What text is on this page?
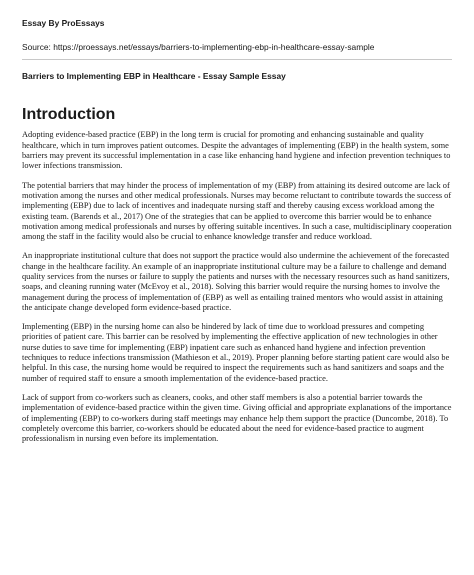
Essay By ProEssays
Source: https://proessays.net/essays/barriers-to-implementing-ebp-in-healthcare-essay-sample
Barriers to Implementing EBP in Healthcare - Essay Sample Essay
Introduction

Adopting evidence-based practice (EBP) in the long term is crucial for promoting and enhancing sustainable and quality healthcare, which in turn improves patient outcomes. Despite the advantages of implementing (EBP) in the health system, some barriers may prevent its successful implementation in a case like enhancing hand hygiene and infection prevention techniques to lower infections transmission.

The potential barriers that may hinder the process of implementation of my (EBP) from attaining its desired outcome are lack of motivation among the nurses and other medical professionals. Nurses may become reluctant to contribute towards the success of implementing (EBP) due to lack of incentives and inadequate nursing staff and thereby causing excess workload among the existing team. (Barends et al., 2017) One of the strategies that can be applied to overcome this barrier would be to enhance motivation among medical professionals and nurses by offering suitable incentives. In such a case, multidisciplinary cooperation among the staff in the facility would also be crucial to enhance knowledge transfer and reduce workload.

An inappropriate institutional culture that does not support the practice would also undermine the achievement of the forecasted change in the healthcare facility. An example of an inappropriate institutional culture may be a failure to challenge and demand quality services from the nurses or failure to supply the patients and nurses with the necessary resources such as hand sanitizers, soaps, and cleaning running water (McEvoy et al., 2018). Solving this barrier would require the nursing homes to involve the management during the process of implementation of (EBP) as well as entailing trained mentors who would assist in attaining the anticipate change developed form evidence-based practice.

Implementing (EBP) in the nursing home can also be hindered by lack of time due to workload pressures and competing priorities of patient care. This barrier can be resolved by implementing the effective application of new technologies in other nurse duties to save time for implementing (EBP) inpatient care such as enhanced hand hygiene and infection prevention techniques to reduce infections transmission (Mathieson et al., 2019). Proper planning before starting patient care would also be helpful. In this case, the nursing home would be required to inspect the requirements such as hand sanitizers and soaps and the number of required staff to ensure a smooth implementation of the evidence-based practice.

Lack of support from co-workers such as cleaners, cooks, and other staff members is also a potential barrier towards the implementation of evidence-based practice within the given time. Giving official and appropriate explanations of the importance of implementing (EBP) to co-workers during staff meetings may enhance help them support the practice (Duncombe, 2018). To completely overcome this barrier, co-workers should be educated about the need for evidence-based practice to augment professionalism in nursing even before its implementation.
